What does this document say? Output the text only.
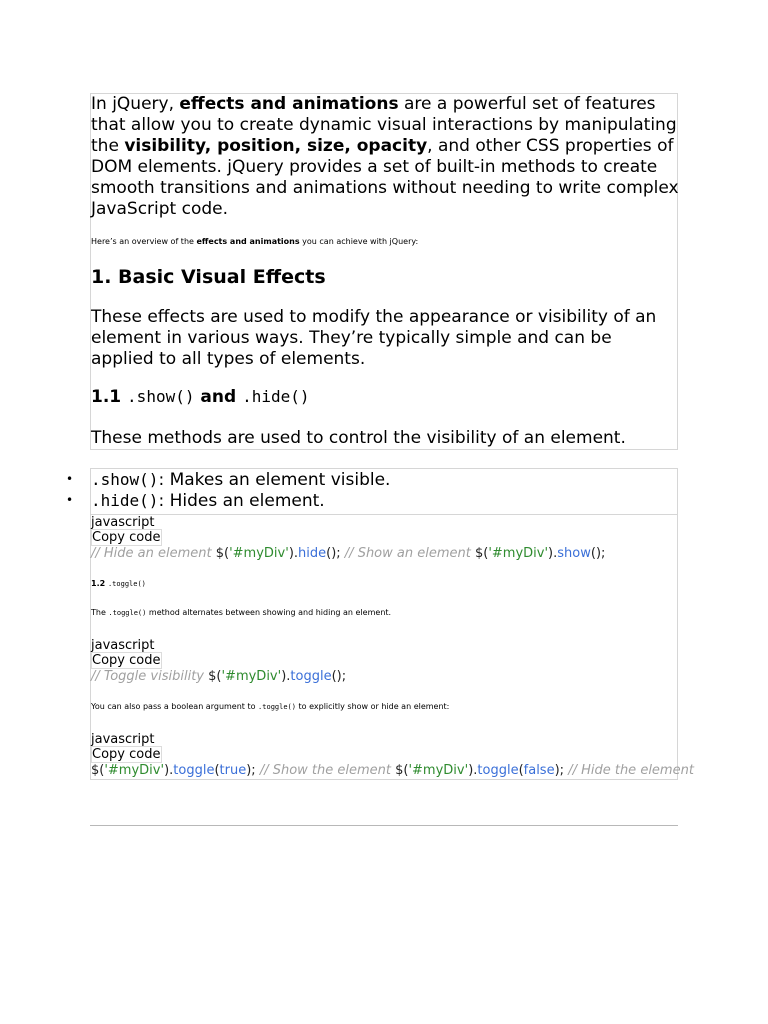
In jQuery, effects and animations are a powerful set of features that allow you to create dynamic visual interactions by manipulating the visibility, position, size, opacity, and other CSS properties of DOM elements. jQuery provides a set of built-in methods to create smooth transitions and animations without needing to write complex JavaScript code.

Here’s an overview of the effects and animations you can achieve with jQuery:
1. Basic Visual Effects
These effects are used to modify the appearance or visibility of an element in various ways. They’re typically simple and can be applied to all types of elements.
1.1 .show() and .hide()
These methods are used to control the visibility of an element.
.show(): Makes an element visible.
.hide(): Hides an element.
•
•
javascript
Copy code
// Hide an element $('#myDiv').hide(); // Show an element $('#myDiv').show();
1.2 .toggle()
The .toggle() method alternates between showing and hiding an element.
javascript
Copy code
// Toggle visibility $('#myDiv').toggle();
You can also pass a boolean argument to .toggle() to explicitly show or hide an element:
javascript
Copy code
$('#myDiv').toggle(true); // Show the element $('#myDiv').toggle(false); // Hide the element
